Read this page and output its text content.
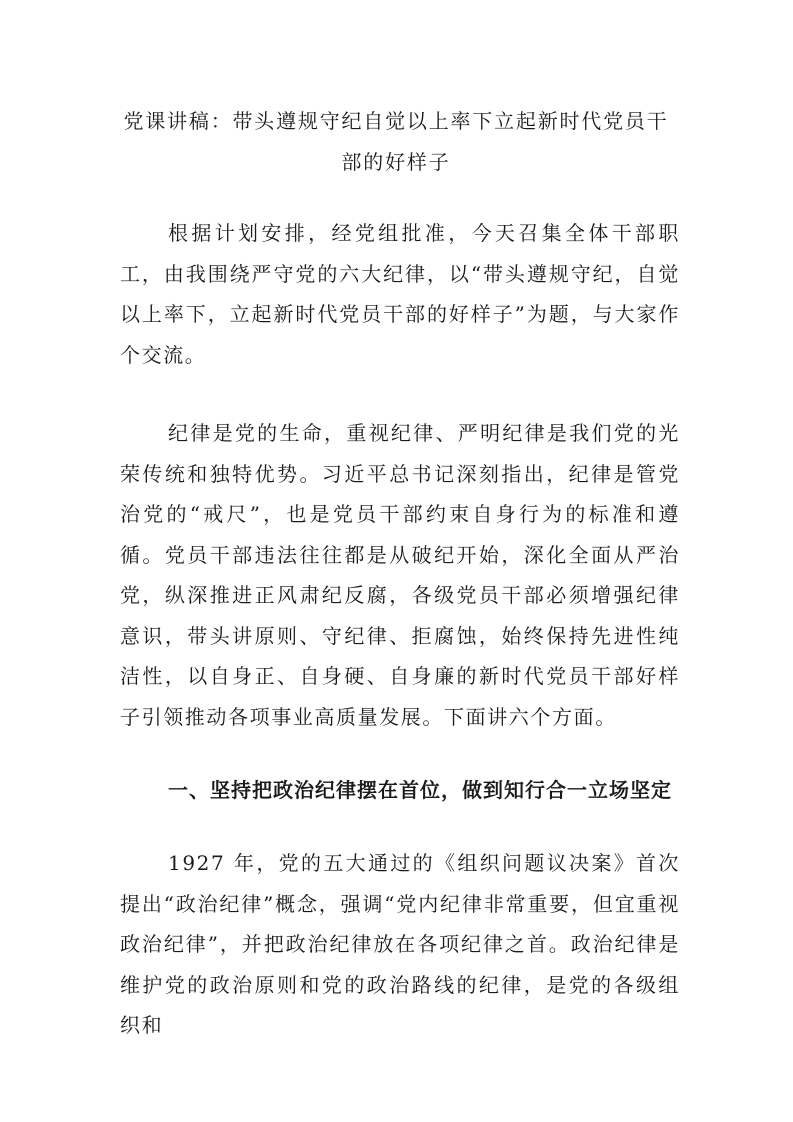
党课讲稿：带头遵规守纪自觉以上率下立起新时代党员干部的好样子

根据计划安排，经党组批准，今天召集全体干部职工，由我围绕严守党的六大纪律，以“带头遵规守纪，自觉以上率下，立起新时代党员干部的好样子”为题，与大家作个交流。

纪律是党的生命，重视纪律、严明纪律是我们党的光荣传统和独特优势。习近平总书记深刻指出，纪律是管党治党的“戒尺”，也是党员干部约束自身行为的标准和遵循。党员干部违法往往都是从破纪开始，深化全面从严治党，纵深推进正风肃纪反腐，各级党员干部必须增强纪律意识，带头讲原则、守纪律、拒腐蚀，始终保持先进性纯洁性，以自身正、自身硬、自身廉的新时代党员干部好样子引领推动各项事业高质量发展。下面讲六个方面。

一、坚持把政治纪律摆在首位，做到知行合一立场坚定

1927 年，党的五大通过的《组织问题议决案》首次提出“政治纪律”概念，强调“党内纪律非常重要，但宜重视政治纪律”，并把政治纪律放在各项纪律之首。政治纪律是维护党的政治原则和党的政治路线的纪律，是党的各级组织和
